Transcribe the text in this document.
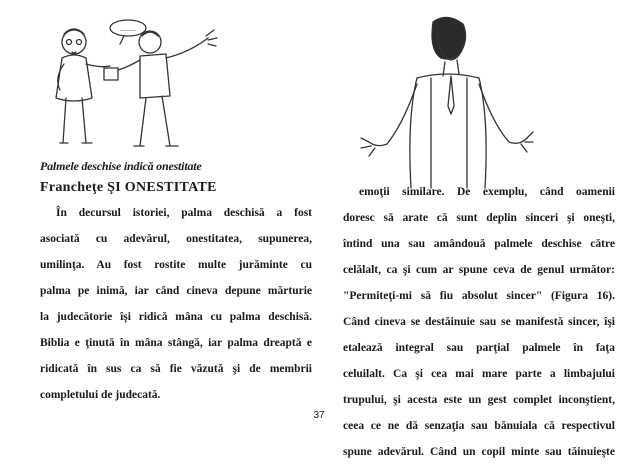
........
Palmele deschise indică onestitate
Francheţe ŞI ONESTITATE
În decursul istoriei, palma deschisă a fost
asociată cu adevărul, onestitatea, supunerea,
umilinţa. Au fost rostite multe jurăminte cu
palma pe inimă, iar când cineva depune mărturie
la judecătorie îşi ridică mâna cu palma deschisă.
Biblia e ţinută în mâna stângă, iar palma dreaptă e
ridicată în sus ca să fie văzută şi de membrii
completului de judecată.
emoţii similare. De exemplu, când oamenii
doresc să arate că sunt deplin sinceri şi oneşti,
întind una sau amândouă palmele deschise către
celălalt, ca şi cum ar spune ceva de genul următor:
"Permiteţi-mi să fiu absolut sincer" (Figura 16).
Când cineva se destăinuie sau se manifestă sincer, îşi
etalează integral sau parţial palmele în faţa
celuilalt. Ca şi cea mai mare parte a limbajului
trupului, şi acesta este un gest complet inconştient,
ceea ce ne dă senzaţia sau bănuiala că respectivul
spune adevărul. Când un copil minte sau tăinuieşte
37
